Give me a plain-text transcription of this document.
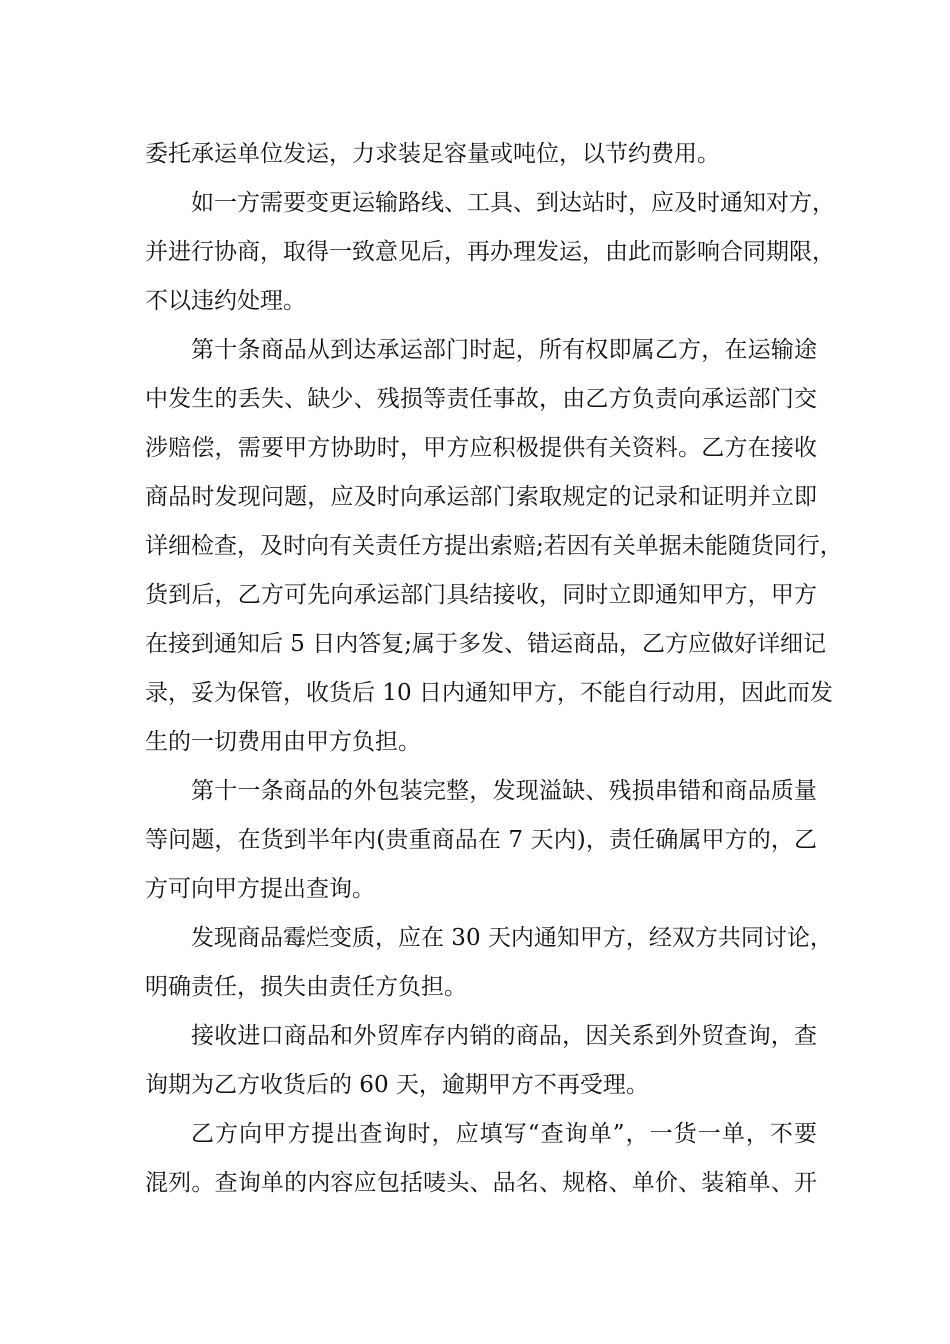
委托承运单位发运，力求装足容量或吨位，以节约费用。
如一方需要变更运输路线、工具、到达站时，应及时通知对方，
并进行协商，取得一致意见后，再办理发运，由此而影响合同期限，
不以违约处理。
第十条商品从到达承运部门时起，所有权即属乙方，在运输途
中发生的丢失、缺少、残损等责任事故，由乙方负责向承运部门交
涉赔偿，需要甲方协助时，甲方应积极提供有关资料。乙方在接收
商品时发现问题，应及时向承运部门索取规定的记录和证明并立即
详细检查，及时向有关责任方提出索赔;若因有关单据未能随货同行，
货到后，乙方可先向承运部门具结接收，同时立即通知甲方，甲方
在接到通知后 5 日内答复;属于多发、错运商品，乙方应做好详细记
录，妥为保管，收货后 10 日内通知甲方，不能自行动用，因此而发
生的一切费用由甲方负担。
第十一条商品的外包装完整，发现溢缺、残损串错和商品质量
等问题，在货到半年内(贵重商品在 7 天内)，责任确属甲方的，乙
方可向甲方提出查询。
发现商品霉烂变质，应在 30 天内通知甲方，经双方共同讨论，
明确责任，损失由责任方负担。
接收进口商品和外贸库存内销的商品，因关系到外贸查询，查
询期为乙方收货后的 60 天，逾期甲方不再受理。
乙方向甲方提出查询时，应填写“查询单”，一货一单，不要
混列。查询单的内容应包括唛头、品名、规格、单价、装箱单、开
